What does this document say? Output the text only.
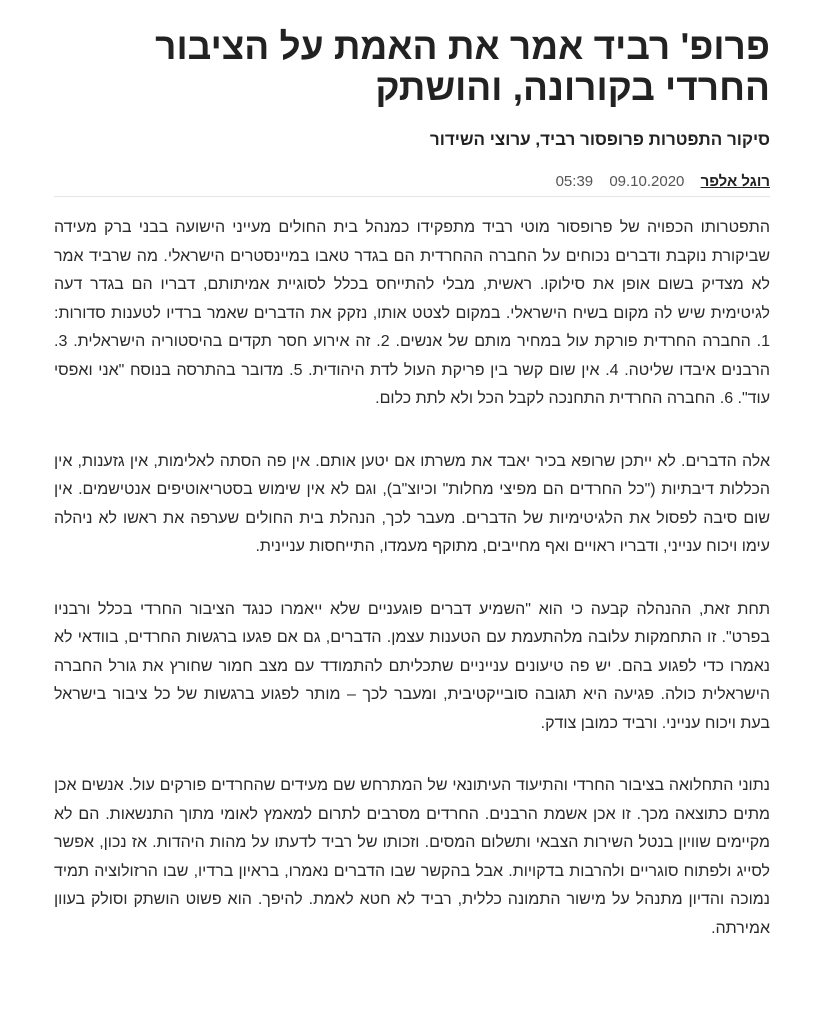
פרופ' רביד אמר את האמת על הציבור החרדי בקורונה, והושתק
סיקור התפטרות פרופסור רביד, ערוצי השידור
רוגל אלפר 09.10.2020 05:39

התפטרותו הכפויה של פרופסור מוטי רביד מתפקידו כמנהל בית החולים מעייני הישועה בבני ברק מעידה שביקורת נוקבת ודברים נכוחים על החברה ההחרדית הם בגדר טאבו במיינסטרים הישראלי. מה שרביד אמר לא מצדיק בשום אופן את סילוקו. ראשית, מבלי להתייחס בכלל לסוגיית אמיתותם, דבריו הם בגדר דעה לגיטימית שיש לה מקום בשיח הישראלי. במקום לצטט אותו, נזקק את הדברים שאמר ברדיו לטענות סדורות: 1. החברה החרדית פורקת עול במחיר מותם של אנשים. 2. זה אירוע חסר תקדים בהיסטוריה הישראלית. 3. הרבנים איבדו שליטה. 4. אין שום קשר בין פריקת העול לדת היהודית. 5. מדובר בהתרסה בנוסח "אני ואפסי עוד". 6. החברה החרדית התחנכה לקבל הכל ולא לתת כלום.

אלה הדברים. לא ייתכן שרופא בכיר יאבד את משרתו אם יטען אותם. אין פה הסתה לאלימות, אין גזענות, אין הכללות דיבתיות ("כל החרדים הם מפיצי מחלות" וכיוצ"ב), וגם לא אין שימוש בסטריאוטיפים אנטישמים. אין שום סיבה לפסול את הלגיטימיות של הדברים. מעבר לכך, הנהלת בית החולים שערפה את ראשו לא ניהלה עימו ויכוח ענייני, ודבריו ראויים ואף מחייבים, מתוקף מעמדו, התייחסות עניינית.

תחת זאת, ההנהלה קבעה כי הוא "השמיע דברים פוגעניים שלא ייאמרו כנגד הציבור החרדי בכלל ורבניו בפרט". זו התחמקות עלובה מלהתעמת עם הטענות עצמן. הדברים, גם אם פגעו ברגשות החרדים, בוודאי לא נאמרו כדי לפגוע בהם. יש פה טיעונים ענייניים שתכליתם להתמודד עם מצב חמור שחורץ את גורל החברה הישראלית כולה. פגיעה היא תגובה סובייקטיבית, ומעבר לכך – מותר לפגוע ברגשות של כל ציבור בישראל בעת ויכוח ענייני. ורביד כמובן צודק.

נתוני התחלואה בציבור החרדי והתיעוד העיתונאי של המתרחש שם מעידים שהחרדים פורקים עול. אנשים אכן מתים כתוצאה מכך. זו אכן אשמת הרבנים. החרדים מסרבים לתרום למאמץ לאומי מתוך התנשאות. הם לא מקיימים שוויון בנטל השירות הצבאי ותשלום המסים. וזכותו של רביד לדעתו על מהות היהדות. אז נכון, אפשר לסייג ולפתוח סוגריים ולהרבות בדקויות. אבל בהקשר שבו הדברים נאמרו, בראיון ברדיו, שבו הרזולוציה תמיד נמוכה והדיון מתנהל על מישור התמונה כללית, רביד לא חטא לאמת. להיפך. הוא פשוט הושתק וסולק בעוון אמירתה.
